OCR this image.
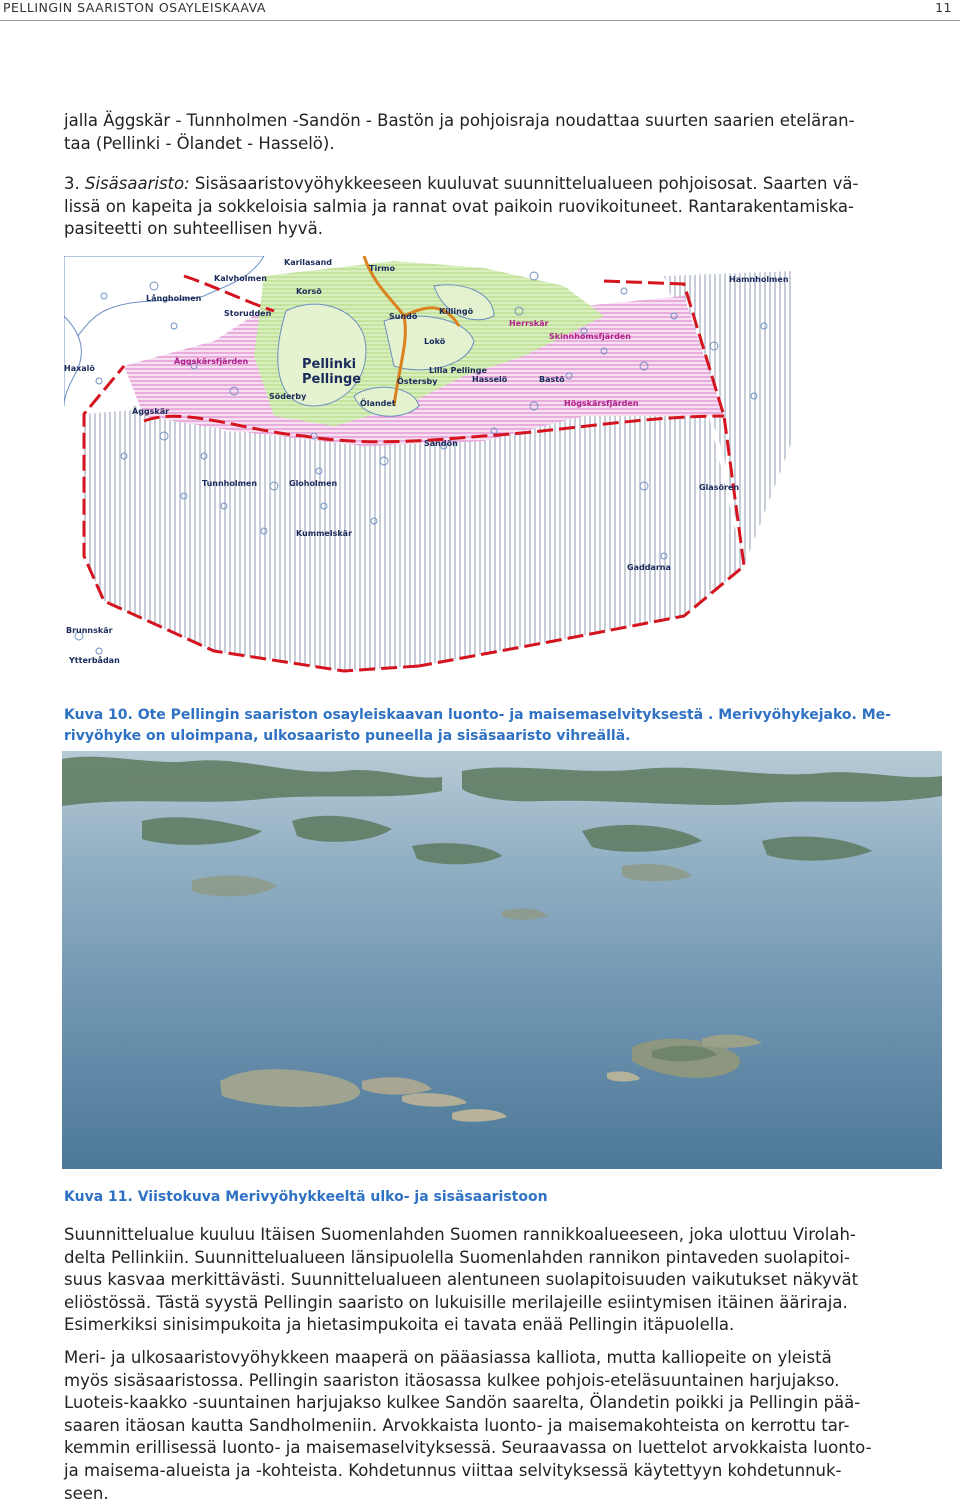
PELLINGIN SAARISTON OSAYLEISKAAVA	11
jalla Äggskär - Tunnholmen -Sandön - Bastön ja pohjoisraja noudattaa suurten saarien eteläran-
taa (Pellinki - Ölandet - Hasselö).
3. Sisäsaaristo: Sisäsaaristovyöhykkeeseen kuuluvat suunnittelualueen pohjoisosat. Saarten vä-
lissä on kapeita ja sokkeloisia salmia ja rannat ovat paikoin ruovikoituneet. Rantarakentamiska-
pasiteetti on suhteellisen hyvä.
Karilasand
Tirmo
Kalvholmen	Hamnholmen
Långholmen
Korsö
Storudden	Sundö
Killingö
Herrskär
Skinnhomsfjärden
Lokö
Pellinki
Pellinge
Lilla Pellinge
Östersby	Hasselö	Bastö
Äggskärsfjärden
Haxalö
Söderby
Ölandet	Högskärsfjärden
Äggskär
Sandön
Tunnholmen	Gloholmen	Glasören
Kummelskär
Gaddarna
Brunnskär
Ytterbådan
Kuva 10. Ote Pellingin saariston osayleiskaavan luonto- ja maisemaselvityksestä . Merivyöhykejako. Me-
rivyöhyke on uloimpana, ulkosaaristo puneella ja sisäsaaristo vihreällä.
Kuva 11. Viistokuva Merivyöhykkeeltä ulko- ja sisäsaaristoon
Suunnittelualue kuuluu Itäisen Suomenlahden Suomen rannikkoalueeseen, joka ulottuu Virolah-
delta Pellinkiin. Suunnittelualueen länsipuolella Suomenlahden rannikon pintaveden suolapitoi-
suus kasvaa merkittävästi. Suunnittelualueen alentuneen suolapitoisuuden vaikutukset näkyvät
eliöstössä. Tästä syystä Pellingin saaristo on lukuisille merilajeille esiintymisen itäinen ääriraja.
Esimerkiksi sinisimpukoita ja hietasimpukoita ei tavata enää Pellingin itäpuolella.
Meri- ja ulkosaaristovyöhykkeen maaperä on pääasiassa kalliota, mutta kalliopeite on yleistä
myös sisäsaaristossa. Pellingin saariston itäosassa kulkee pohjois-eteläsuuntainen harjujakso.
Luoteis-kaakko -suuntainen harjujakso kulkee Sandön saarelta, Ölandetin poikki ja Pellingin pää-
saaren itäosan kautta Sandholmeniin. Arvokkaista luonto- ja maisemakohteista on kerrottu tar-
kemmin erillisessä luonto- ja maisemaselvityksessä. Seuraavassa on luettelot arvokkaista luonto-
ja maisema-alueista ja -kohteista. Kohdetunnus viittaa selvityksessä käytettyyn kohdetunnuk-
seen.
